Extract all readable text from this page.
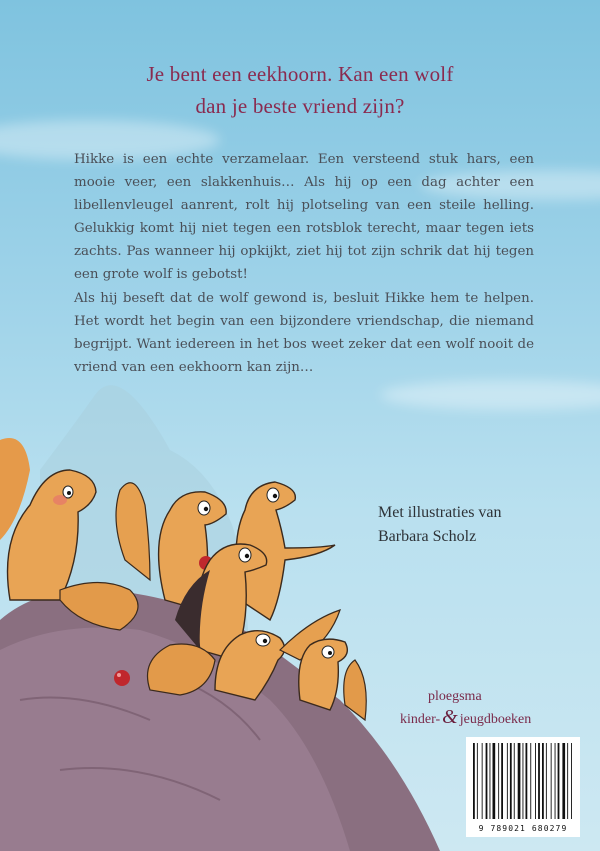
Je bent een eekhoorn. Kan een wolf
dan je beste vriend zijn?

Hikke is een echte verzamelaar. Een versteend stuk hars, een mooie veer, een slakkenhuis… Als hij op een dag achter een libellenvleugel aanrent, rolt hij plotseling van een steile helling. Gelukkig komt hij niet tegen een rotsblok terecht, maar tegen iets zachts. Pas wanneer hij opkijkt, ziet hij tot zijn schrik dat hij tegen een grote wolf is gebotst!

Als hij beseft dat de wolf gewond is, besluit Hikke hem te helpen. Het wordt het begin van een bijzondere vriendschap, die niemand begrijpt. Want iedereen in het bos weet zeker dat een wolf nooit de vriend van een eekhoorn kan zijn…

Met illustraties van
Barbara Scholz
ploegsma
kinder- & jeugdboeken
9 789021 680279
